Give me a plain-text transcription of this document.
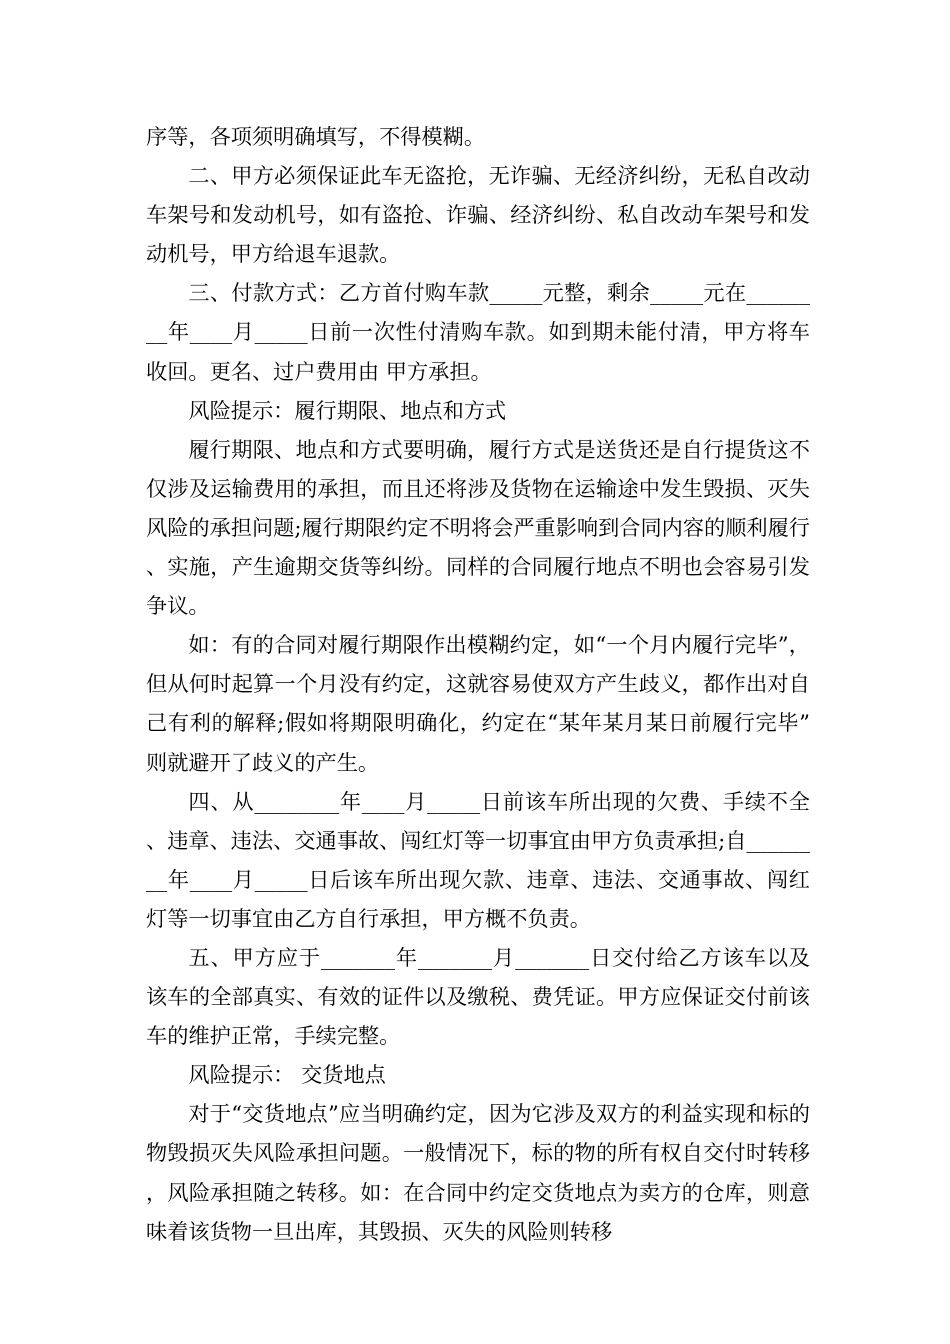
序等，各项须明确填写，不得模糊。

二、甲方必须保证此车无盗抢，无诈骗、无经济纠纷，无私自改动车架号和发动机号，如有盗抢、诈骗、经济纠纷、私自改动车架号和发动机号，甲方给退车退款。

三、付款方式：乙方首付购车款_____元整，剩余_____元在________年____月_____日前一次性付清购车款。如到期未能付清，甲方将车收回。更名、过户费用由 甲方承担。

风险提示：履行期限、地点和方式

履行期限、地点和方式要明确，履行方式是送货还是自行提货这不仅涉及运输费用的承担，而且还将涉及货物在运输途中发生毁损、灭失风险的承担问题;履行期限约定不明将会严重影响到合同内容的顺利履行、实施，产生逾期交货等纠纷。同样的合同履行地点不明也会容易引发争议。

如：有的合同对履行期限作出模糊约定，如“一个月内履行完毕”，但从何时起算一个月没有约定，这就容易使双方产生歧义，都作出对自己有利的解释;假如将期限明确化，约定在“某年某月某日前履行完毕”则就避开了歧义的产生。

四、从________年____月_____日前该车所出现的欠费、手续不全、违章、违法、交通事故、闯红灯等一切事宜由甲方负责承担;自________年____月_____日后该车所出现欠款、违章、违法、交通事故、闯红灯等一切事宜由乙方自行承担，甲方概不负责。

五、甲方应于_______年_______月_______日交付给乙方该车以及该车的全部真实、有效的证件以及缴税、费凭证。甲方应保证交付前该车的维护正常，手续完整。

风险提示： 交货地点

对于“交货地点”应当明确约定，因为它涉及双方的利益实现和标的物毁损灭失风险承担问题。一般情况下，标的物的所有权自交付时转移，风险承担随之转移。如：在合同中约定交货地点为卖方的仓库，则意味着该货物一旦出库，其毁损、灭失的风险则转移
